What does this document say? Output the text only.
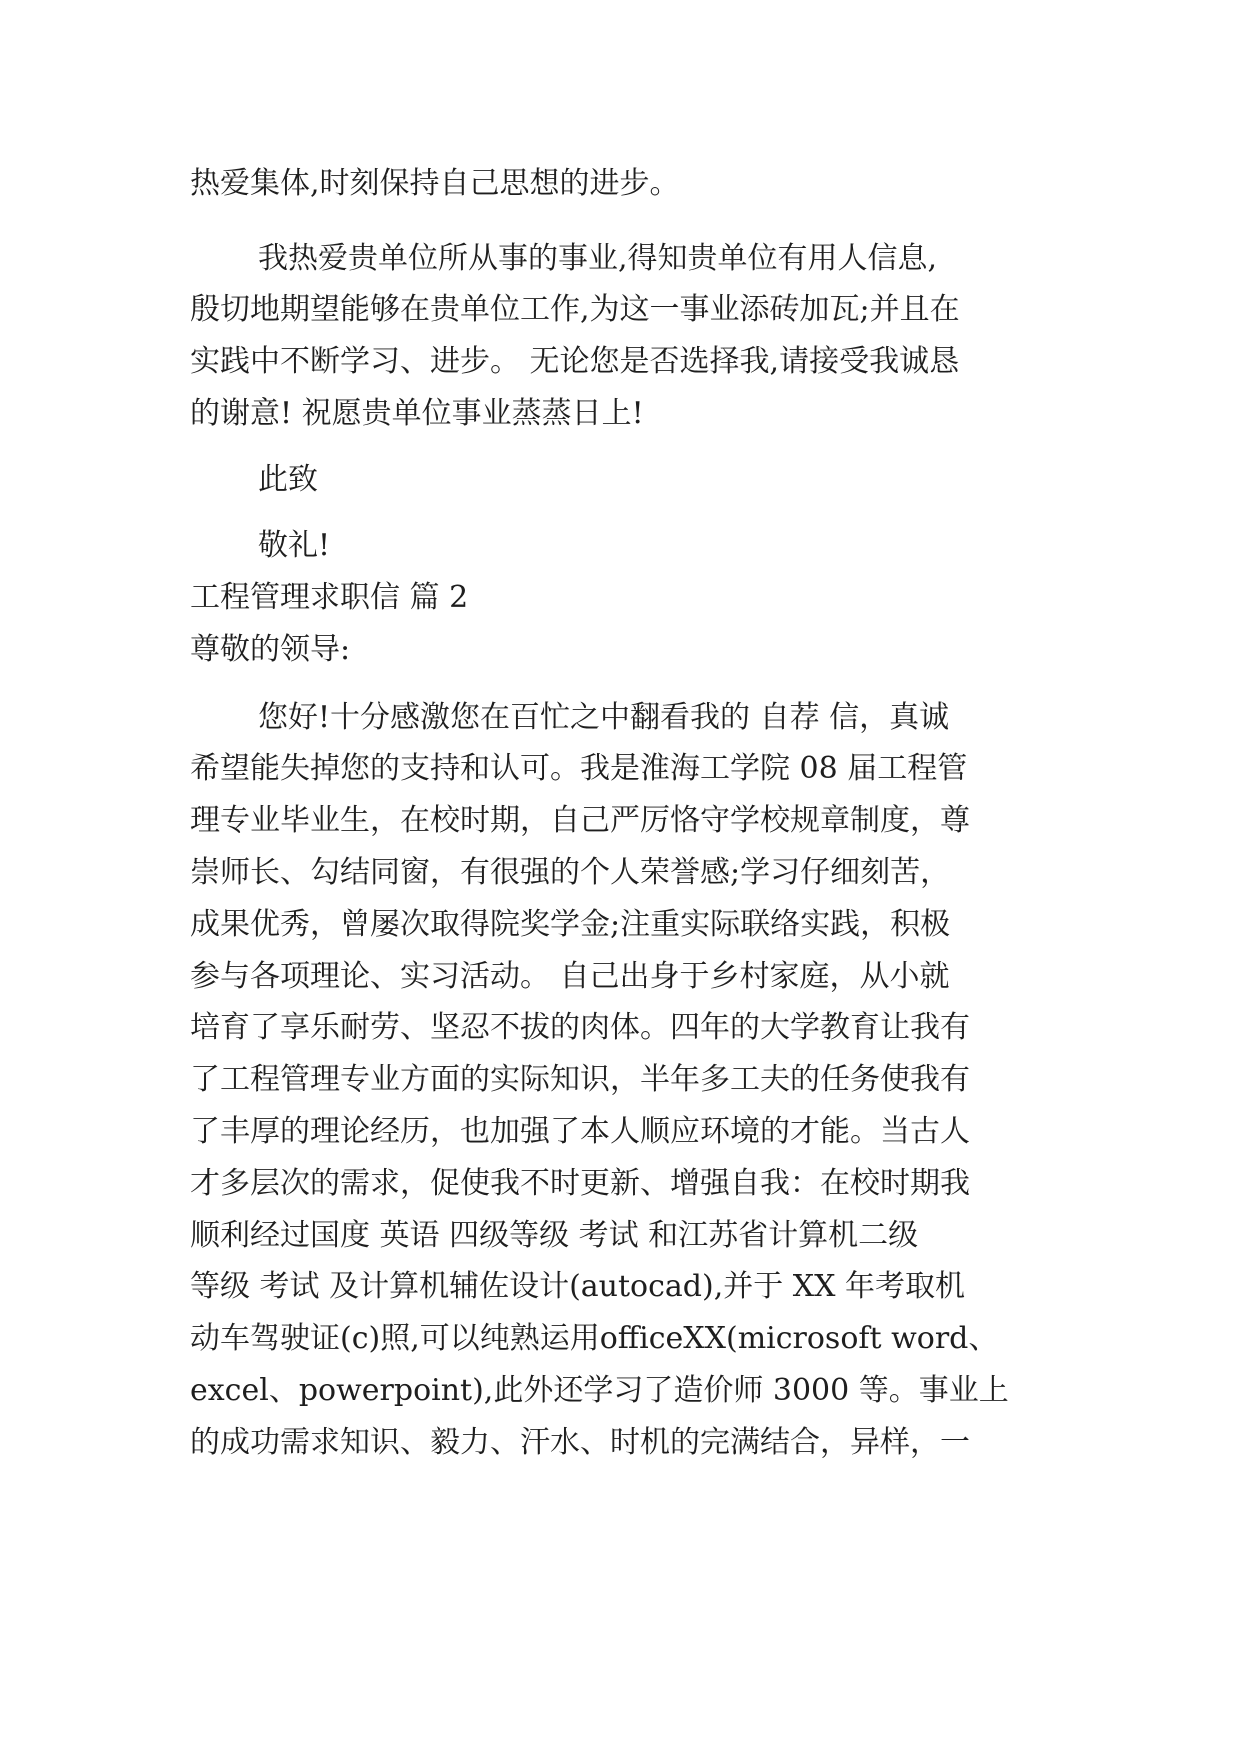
热爱集体,时刻保持自己思想的进步。
我热爱贵单位所从事的事业,得知贵单位有用人信息,
殷切地期望能够在贵单位工作,为这一事业添砖加瓦;并且在
实践中不断学习、进步。 无论您是否选择我,请接受我诚恳
的谢意! 祝愿贵单位事业蒸蒸日上!
此致
敬礼!
工程管理求职信 篇 2
尊敬的领导:
您好!十分感激您在百忙之中翻看我的 自荐 信，真诚
希望能失掉您的支持和认可。我是淮海工学院 08 届工程管
理专业毕业生，在校时期，自己严厉恪守学校规章制度，尊
崇师长、勾结同窗，有很强的个人荣誉感;学习仔细刻苦，
成果优秀，曾屡次取得院奖学金;注重实际联络实践，积极
参与各项理论、实习活动。 自己出身于乡村家庭，从小就
培育了享乐耐劳、坚忍不拔的肉体。四年的大学教育让我有
了工程管理专业方面的实际知识，半年多工夫的任务使我有
了丰厚的理论经历，也加强了本人顺应环境的才能。当古人
才多层次的需求，促使我不时更新、增强自我：在校时期我
顺利经过国度 英语 四级等级 考试 和江苏省计算机二级
等级 考试 及计算机辅佐设计(autocad),并于 XX 年考取机
动车驾驶证(c)照,可以纯熟运用officeXX(microsoft word、
excel、powerpoint),此外还学习了造价师 3000 等。事业上
的成功需求知识、毅力、汗水、时机的完满结合，异样，一
